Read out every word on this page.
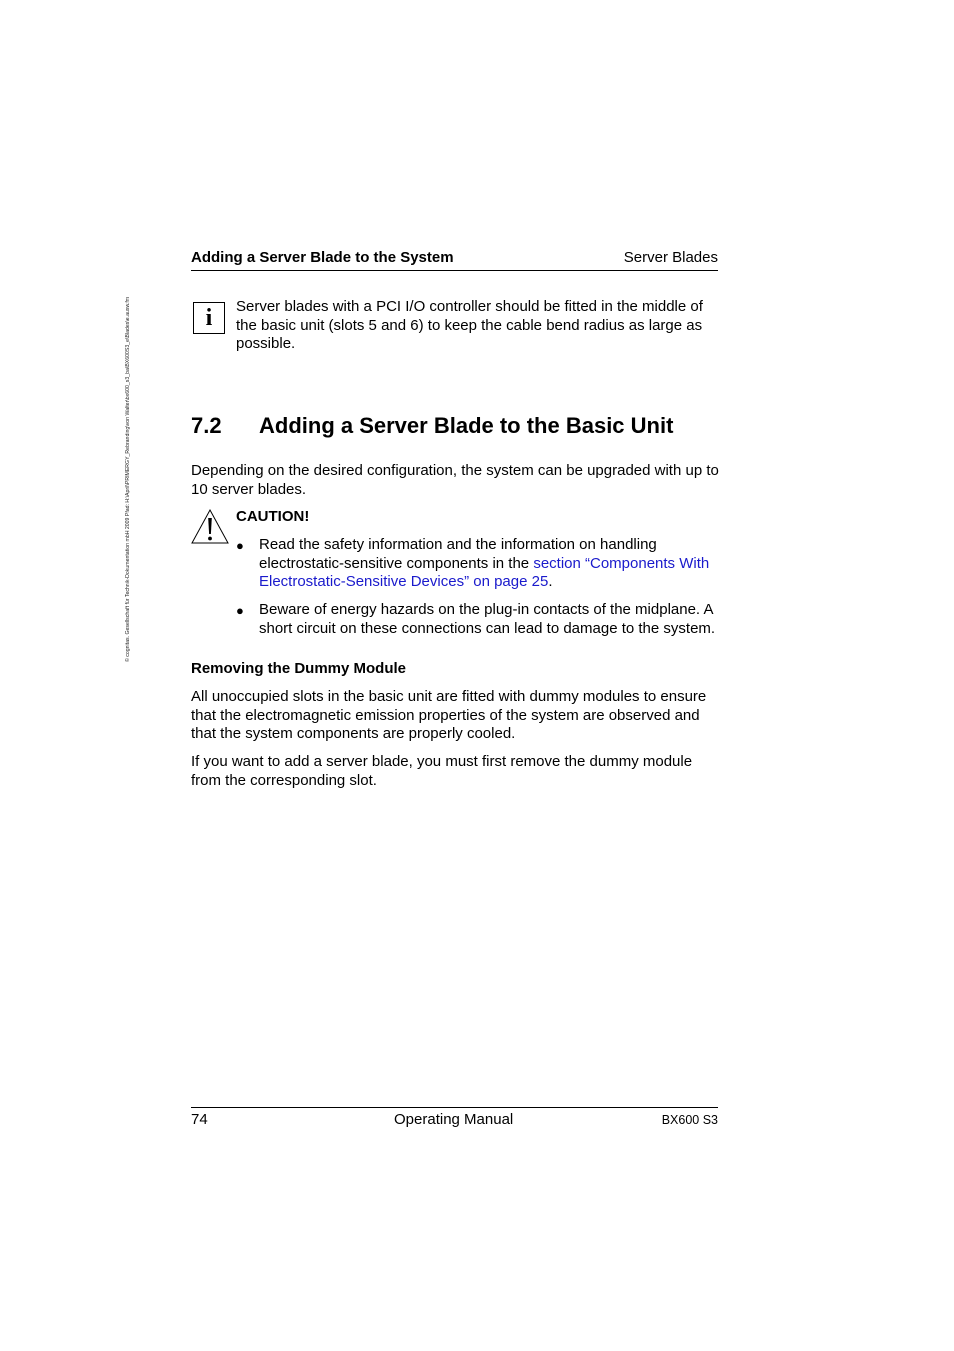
© cognitas. Gesellschaft für Technik-Dokumentation mbH 2009 Pfad: H:\April\PRIMERGY_Rebranding\von Walter\bx600_s3_ba\BX600S3_e\Blades\e.ausw.fm
Adding a Server Blade to the System	Server Blades
i	Server blades with a PCI I/O controller should be fitted in the middle of the basic unit (slots 5 and 6) to keep the cable bend radius as large as possible.
7.2 Adding a Server Blade to the Basic Unit
Depending on the desired configuration, the system can be upgraded with up to 10 server blades.
CAUTION!
● Read the safety information and the information on handling electrostatic-sensitive components in the section “Components With Electrostatic-Sensitive Devices” on page 25.
● Beware of energy hazards on the plug-in contacts of the midplane. A short circuit on these connections can lead to damage to the system.
Removing the Dummy Module
All unoccupied slots in the basic unit are fitted with dummy modules to ensure that the electromagnetic emission properties of the system are observed and that the system components are properly cooled.
If you want to add a server blade, you must first remove the dummy module from the corresponding slot.
74	Operating Manual	BX600 S3
